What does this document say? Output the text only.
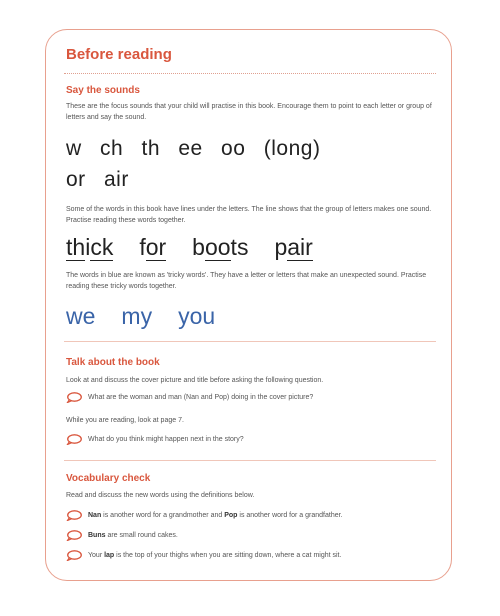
Before reading
Say the sounds
These are the focus sounds that your child will practise in this book. Encourage them to point to each letter or group of letters and say the sound.
w ch th ee oo (long)
or air
Some of the words in this book have lines under the letters. The line shows that the group of letters makes one sound. Practise reading these words together.
thick for boots pair
The words in blue are known as 'tricky words'. They have a letter or letters that make an unexpected sound. Practise reading these tricky words together.
we my you
Talk about the book
Look at and discuss the cover picture and title before asking the following question.
What are the woman and man (Nan and Pop) doing in the cover picture?
While you are reading, look at page 7.
What do you think might happen next in the story?
Vocabulary check
Read and discuss the new words using the definitions below.
Nan is another word for a grandmother and Pop is another word for a grandfather.
Buns are small round cakes.
Your lap is the top of your thighs when you are sitting down, where a cat might sit.
